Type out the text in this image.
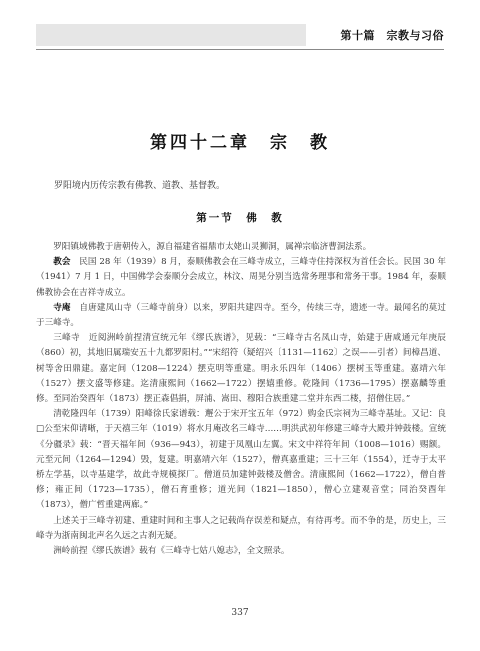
第十篇　宗教与习俗
第四十二章　宗　教

罗阳境内历传宗教有佛教、道教、基督教。

第一节　佛　教

罗阳镇域佛教于唐朝传入，源自福建省福鼎市太姥山灵狮洞，属禅宗临济曹洞法系。

教会　民国 28 年（1939）8 月，泰顺佛教会在三峰寺成立，三峰寺住持深权为首任会长。民国 30 年（1941）7 月 1 日，中国佛学会泰顺分会成立，林汶、周晃分别当选常务理事和常务干事。1984 年，泰顺佛教协会在吉祥寺成立。

寺庵　自唐建凤山寺（三峰寺前身）以来，罗阳共建四寺。至今，传续三寺，遗迹一寺。最闻名的莫过于三峰寺。

三峰寺　近阅洲岭前捏清宣统元年《缪氏族谱》，见载：“三峰寺古名凤山寺，始建于唐咸通元年庚辰（860）初，其地旧属瑞安五十九都罗阳村。”“宋绍符（疑绍兴〔1131—1162〕之误——引者）间樟昌道、树等舍田鼎建。嘉定间（1208—1224）摆克明等重建。明永乐四年（1406）摆树玉等重建。嘉靖六年（1527）摆文盛等修建。迄清康熙间（1662—1722）摆嬉重修。乾隆间（1736—1795）摆嘉麟等重修。至同治癸酉年（1873）摆正森倡捐，屏浦、嵩田、穆阳合族重建二堂并东西二楼，招僧住居。”

清乾隆四年（1739）阳峰徐氏家谱载：邂公于宋开宝五年（972）购金氏宗祠为三峰寺基址。又记：良□公至宋仰请晰，于天禧三年（1019）将水月庵改名三峰寺……明洪武初年修建三峰寺大殿并钟鼓楼。宣统《分疆录》载：“晋天福年间（936—943），初建于凤凰山左翼。宋文中祥符年间（1008—1016）赐额。元至元间（1264—1294）毁，复建。明嘉靖六年（1527），僧真嘉重建；三十三年（1554），迁寺于太平桥左学基，以寺基建学，故此寺规模探厂。僧道员加建钟鼓楼及僧舍。清康熙间（1662—1722），僧自普修；雍正间（1723—1735），僧石育重修；道光间（1821—1850），僧心立建观音堂；同治癸酉年（1873），僧广哲重建两廊。”

上述关于三峰寺初建、重建时间和主事人之记载尚存误差和疑点，有待再考。而不争的是，历史上，三峰寺为浙南闽北声名久远之古刹无疑。

洲岭前捏《缪氏族谱》载有《三峰寺七姑八媳志》，全文照录。

337
